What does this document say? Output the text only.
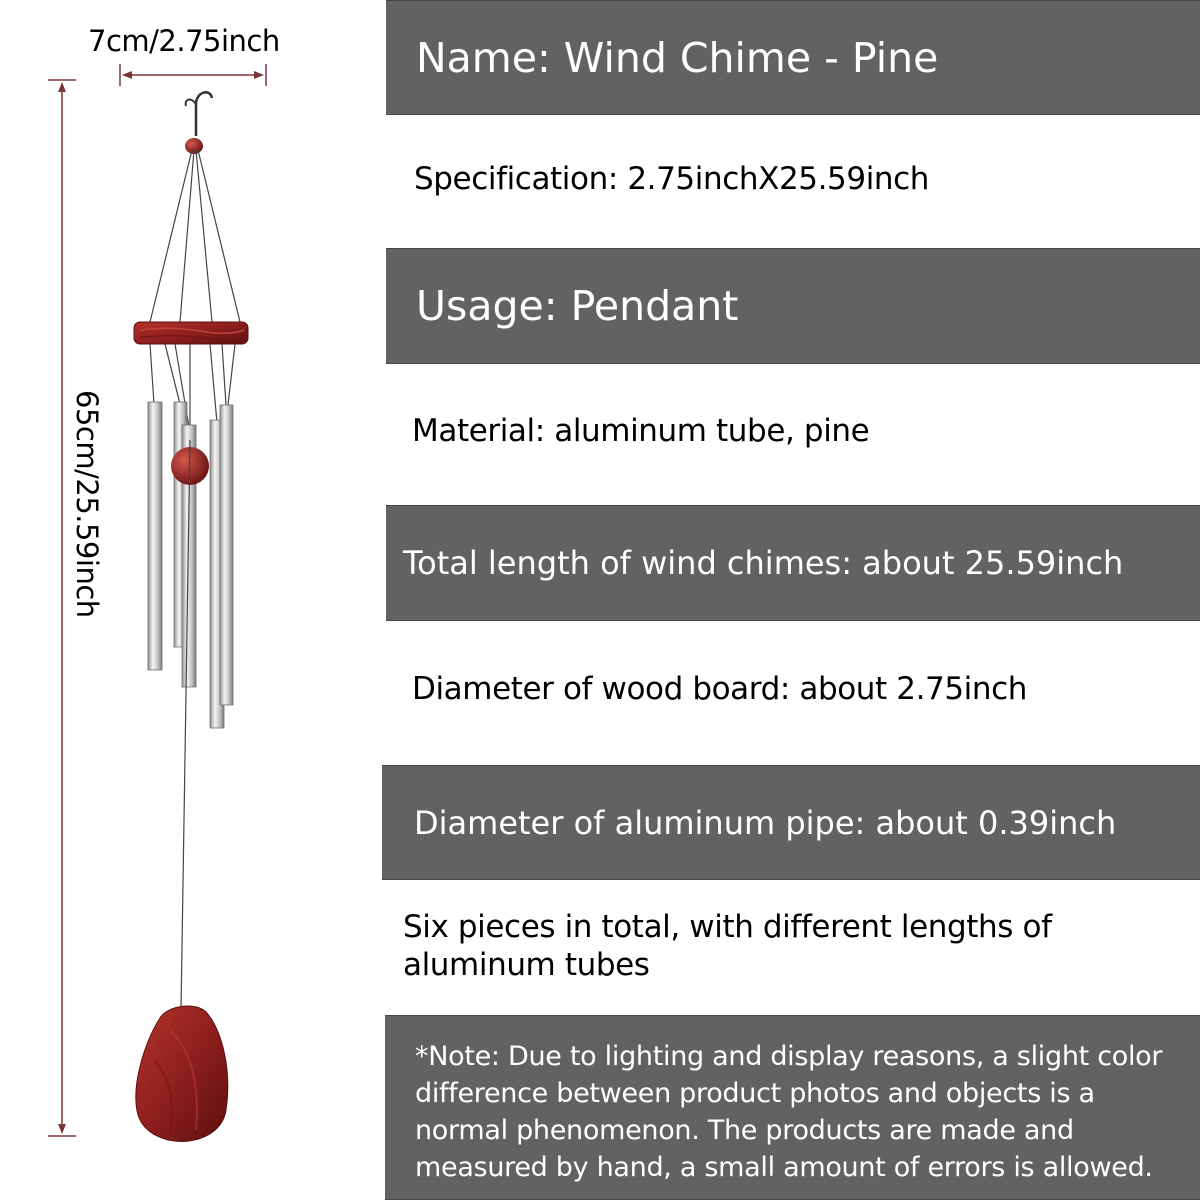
7cm/2.75inch
65cm/25.59inch
Name: Wind Chime - Pine
Specification: 2.75inchX25.59inch
Usage: Pendant
Material: aluminum tube, pine
Total length of wind chimes: about 25.59inch
Diameter of wood board: about 2.75inch
Diameter of aluminum pipe: about 0.39inch
Six pieces in total, with different lengths of aluminum tubes
*Note: Due to lighting and display reasons, a slight color difference between product photos and objects is a normal phenomenon. The products are made and measured by hand, a small amount of errors is allowed.
